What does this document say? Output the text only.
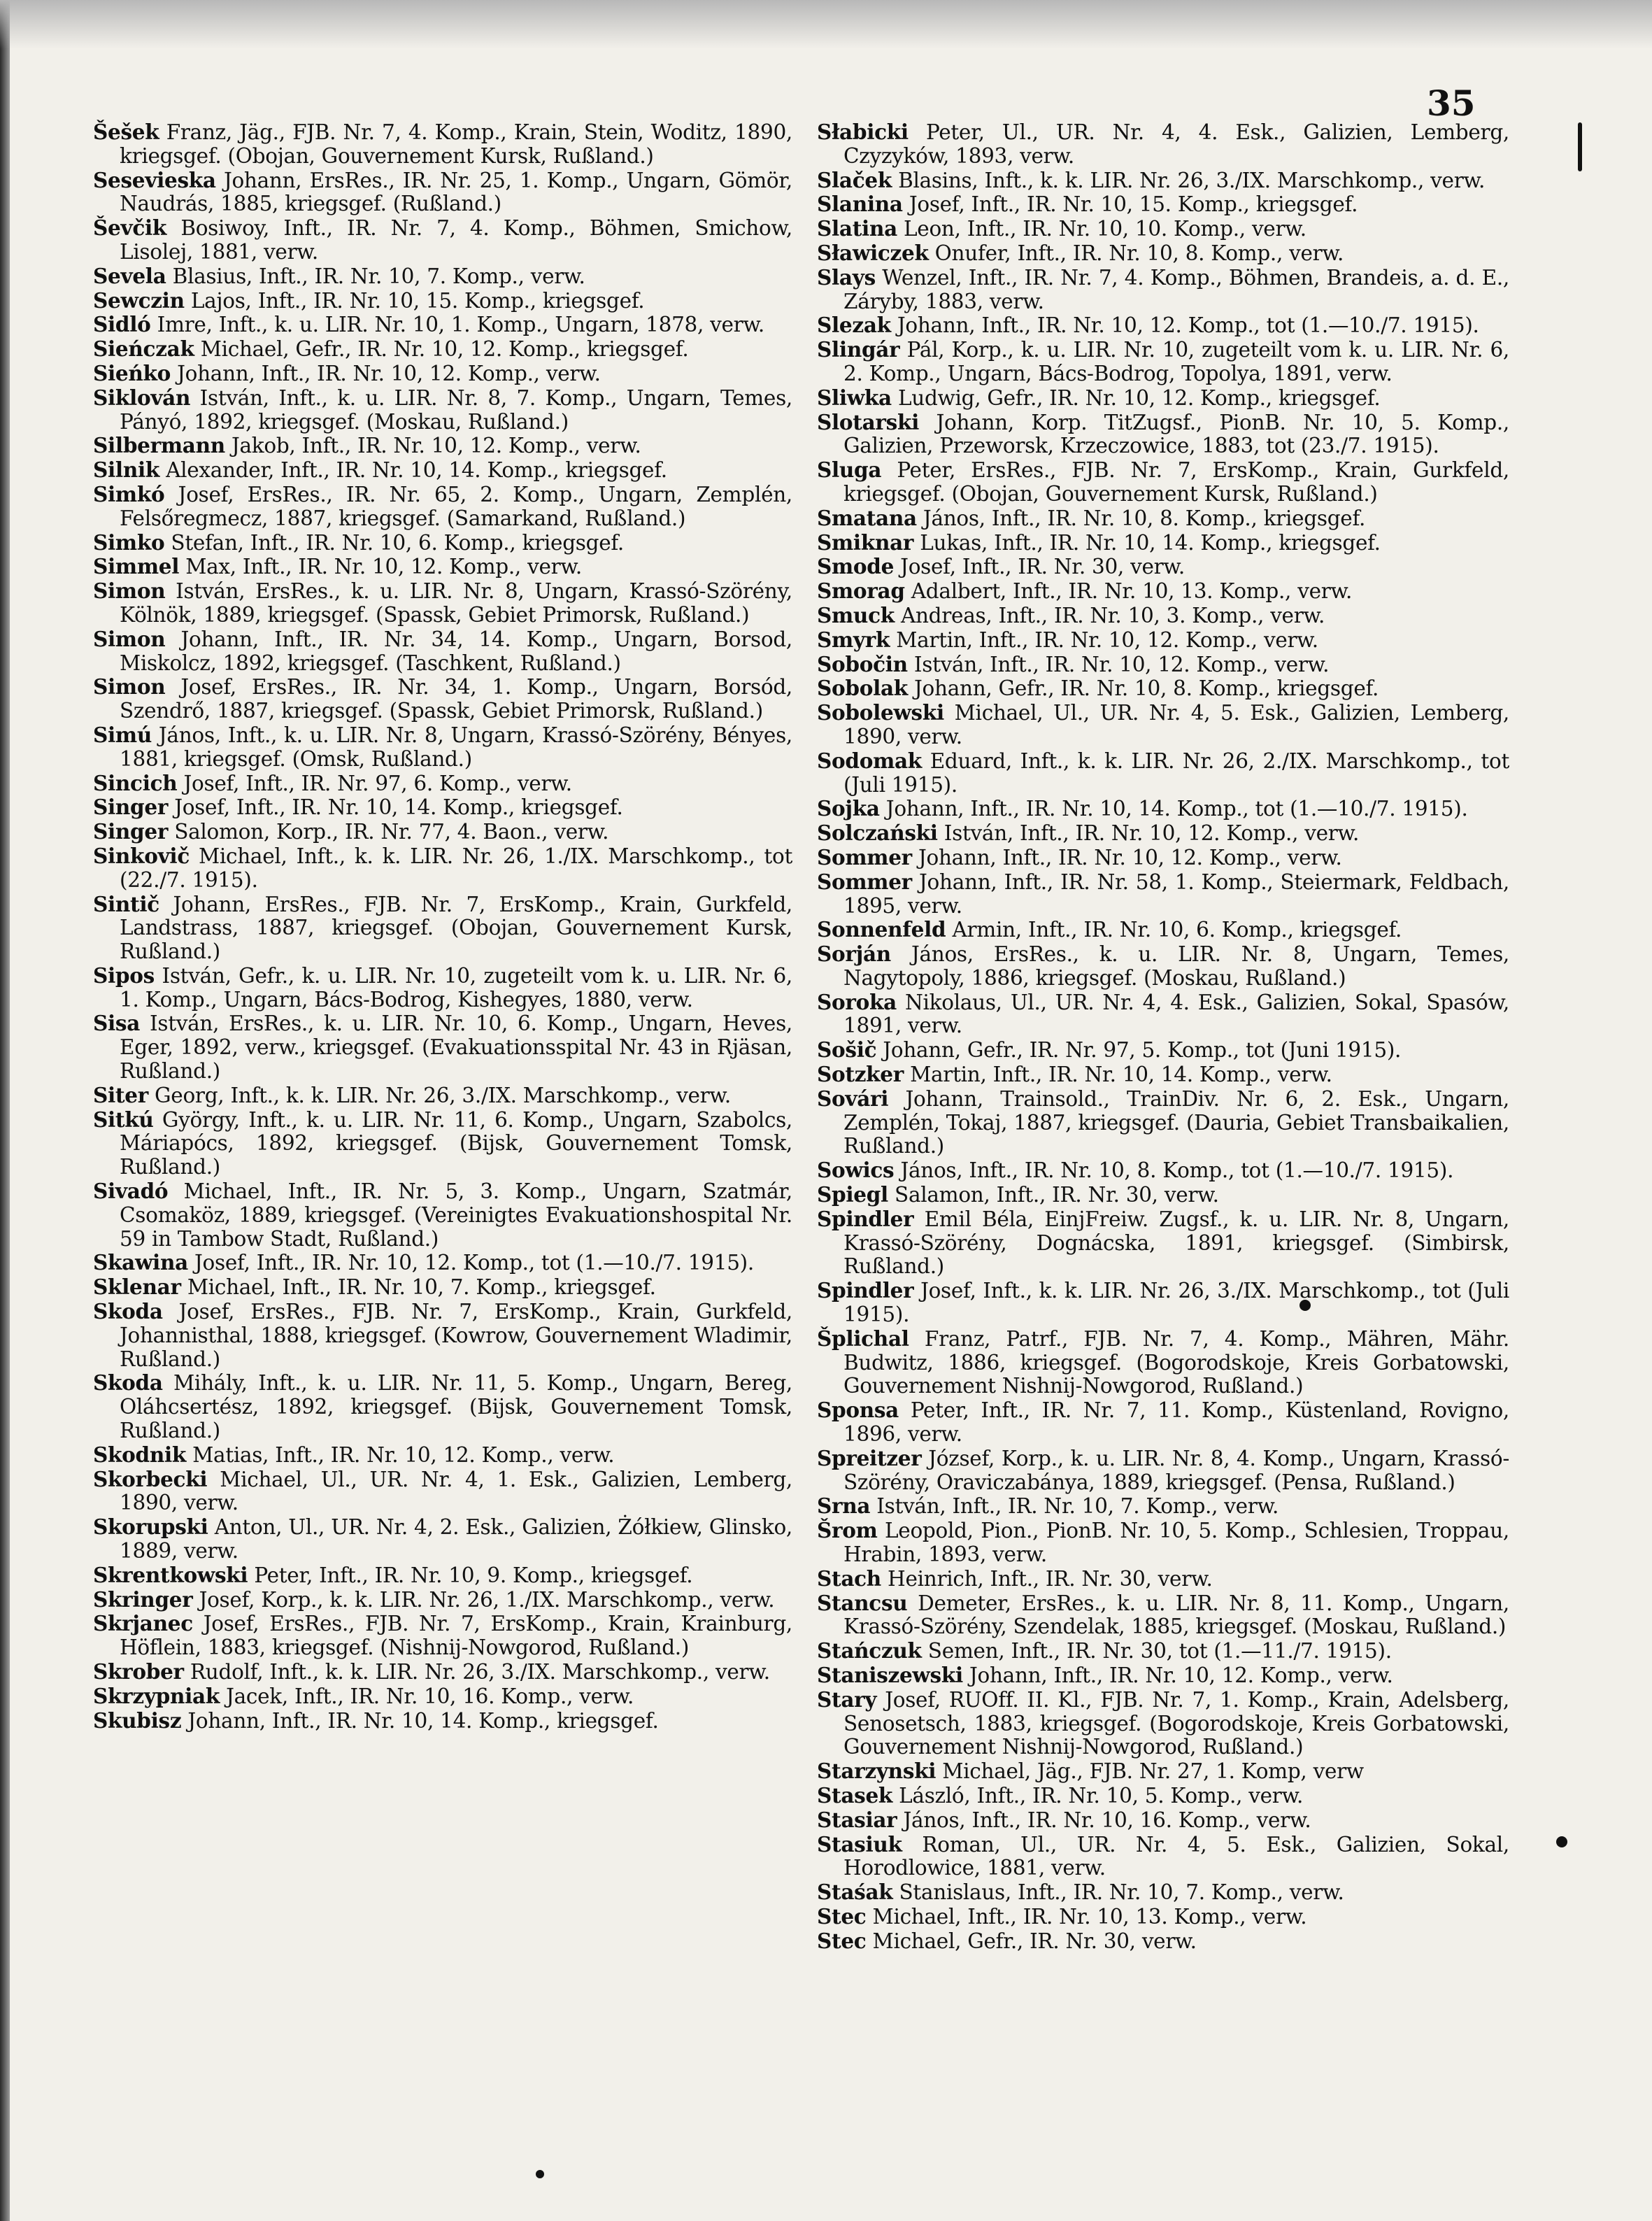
35

Šešek Franz, Jäg., FJB. Nr. 7, 4. Komp., Krain, Stein, Woditz, 1890, kriegsgef. (Obojan, Gouvernement Kursk, Rußland.)

Sesevieska Johann, ErsRes., IR. Nr. 25, 1. Komp., Ungarn, Gömör, Naudrás, 1885, kriegsgef. (Rußland.)

Ševčik Bosiwoy, Inft., IR. Nr. 7, 4. Komp., Böhmen, Smichow, Lisolej, 1881, verw.

Sevela Blasius, Inft., IR. Nr. 10, 7. Komp., verw.

Sewczin Lajos, Inft., IR. Nr. 10, 15. Komp., kriegsgef.

Sidló Imre, Inft., k. u. LIR. Nr. 10, 1. Komp., Ungarn, 1878, verw.

Sieńczak Michael, Gefr., IR. Nr. 10, 12. Komp., kriegsgef.

Sieńko Johann, Inft., IR. Nr. 10, 12. Komp., verw.

Siklován István, Inft., k. u. LIR. Nr. 8, 7. Komp., Ungarn, Temes, Pányó, 1892, kriegsgef. (Moskau, Rußland.)

Silbermann Jakob, Inft., IR. Nr. 10, 12. Komp., verw.

Silnik Alexander, Inft., IR. Nr. 10, 14. Komp., kriegsgef.

Simkó Josef, ErsRes., IR. Nr. 65, 2. Komp., Ungarn, Zemplén, Felsőregmecz, 1887, kriegsgef. (Samarkand, Rußland.)

Simko Stefan, Inft., IR. Nr. 10, 6. Komp., kriegsgef.

Simmel Max, Inft., IR. Nr. 10, 12. Komp., verw.

Simon István, ErsRes., k. u. LIR. Nr. 8, Ungarn, Krassó-Szörény, Kölnök, 1889, kriegsgef. (Spassk, Gebiet Primorsk, Rußland.)

Simon Johann, Inft., IR. Nr. 34, 14. Komp., Ungarn, Borsod, Miskolcz, 1892, kriegsgef. (Taschkent, Rußland.)

Simon Josef, ErsRes., IR. Nr. 34, 1. Komp., Ungarn, Borsód, Szendrő, 1887, kriegsgef. (Spassk, Gebiet Primorsk, Rußland.)

Simú János, Inft., k. u. LIR. Nr. 8, Ungarn, Krassó-Szörény, Bényes, 1881, kriegsgef. (Omsk, Rußland.)

Sincich Josef, Inft., IR. Nr. 97, 6. Komp., verw.

Singer Josef, Inft., IR. Nr. 10, 14. Komp., kriegsgef.

Singer Salomon, Korp., IR. Nr. 77, 4. Baon., verw.

Sinkovič Michael, Inft., k. k. LIR. Nr. 26, 1./IX. Marschkomp., tot (22./7. 1915).

Sintič Johann, ErsRes., FJB. Nr. 7, ErsKomp., Krain, Gurkfeld, Landstrass, 1887, kriegsgef. (Obojan, Gouvernement Kursk, Rußland.)

Sipos István, Gefr., k. u. LIR. Nr. 10, zugeteilt vom k. u. LIR. Nr. 6, 1. Komp., Ungarn, Bács-Bodrog, Kishegyes, 1880, verw.

Sisa István, ErsRes., k. u. LIR. Nr. 10, 6. Komp., Ungarn, Heves, Eger, 1892, verw., kriegsgef. (Evakuationsspital Nr. 43 in Rjäsan, Rußland.)

Siter Georg, Inft., k. k. LIR. Nr. 26, 3./IX. Marschkomp., verw.

Sitkú György, Inft., k. u. LIR. Nr. 11, 6. Komp., Ungarn, Szabolcs, Máriapócs, 1892, kriegsgef. (Bijsk, Gouvernement Tomsk, Rußland.)

Sivadó Michael, Inft., IR. Nr. 5, 3. Komp., Ungarn, Szatmár, Csomaköz, 1889, kriegsgef. (Vereinigtes Evakuationshospital Nr. 59 in Tambow Stadt, Rußland.)

Skawina Josef, Inft., IR. Nr. 10, 12. Komp., tot (1.—10./7. 1915).

Sklenar Michael, Inft., IR. Nr. 10, 7. Komp., kriegsgef.

Skoda Josef, ErsRes., FJB. Nr. 7, ErsKomp., Krain, Gurkfeld, Johannisthal, 1888, kriegsgef. (Kowrow, Gouvernement Wladimir, Rußland.)

Skoda Mihály, Inft., k. u. LIR. Nr. 11, 5. Komp., Ungarn, Bereg, Oláhcsertész, 1892, kriegsgef. (Bijsk, Gouvernement Tomsk, Rußland.)

Skodnik Matias, Inft., IR. Nr. 10, 12. Komp., verw.

Skorbecki Michael, Ul., UR. Nr. 4, 1. Esk., Galizien, Lemberg, 1890, verw.

Skorupski Anton, Ul., UR. Nr. 4, 2. Esk., Galizien, Żółkiew, Glinsko, 1889, verw.

Skrentkowski Peter, Inft., IR. Nr. 10, 9. Komp., kriegsgef.

Skringer Josef, Korp., k. k. LIR. Nr. 26, 1./IX. Marschkomp., verw.

Skrjanec Josef, ErsRes., FJB. Nr. 7, ErsKomp., Krain, Krainburg, Höflein, 1883, kriegsgef. (Nishnij-Nowgorod, Rußland.)

Skrober Rudolf, Inft., k. k. LIR. Nr. 26, 3./IX. Marschkomp., verw.

Skrzypniak Jacek, Inft., IR. Nr. 10, 16. Komp., verw.

Skubisz Johann, Inft., IR. Nr. 10, 14. Komp., kriegsgef.

Słabicki Peter, Ul., UR. Nr. 4, 4. Esk., Galizien, Lemberg, Czyzyków, 1893, verw.

Slaček Blasins, Inft., k. k. LIR. Nr. 26, 3./IX. Marschkomp., verw.

Slanina Josef, Inft., IR. Nr. 10, 15. Komp., kriegsgef.

Slatina Leon, Inft., IR. Nr. 10, 10. Komp., verw.

Sławiczek Onufer, Inft., IR. Nr. 10, 8. Komp., verw.

Slays Wenzel, Inft., IR. Nr. 7, 4. Komp., Böhmen, Brandeis, a. d. E., Záryby, 1883, verw.

Slezak Johann, Inft., IR. Nr. 10, 12. Komp., tot (1.—10./7. 1915).

Slingár Pál, Korp., k. u. LIR. Nr. 10, zugeteilt vom k. u. LIR. Nr. 6, 2. Komp., Ungarn, Bács-Bodrog, Topolya, 1891, verw.

Sliwka Ludwig, Gefr., IR. Nr. 10, 12. Komp., kriegsgef.

Slotarski Johann, Korp. TitZugsf., PionB. Nr. 10, 5. Komp., Galizien, Przeworsk, Krzeczowice, 1883, tot (23./7. 1915).

Sluga Peter, ErsRes., FJB. Nr. 7, ErsKomp., Krain, Gurkfeld, kriegsgef. (Obojan, Gouvernement Kursk, Rußland.)

Smatana János, Inft., IR. Nr. 10, 8. Komp., kriegsgef.

Smiknar Lukas, Inft., IR. Nr. 10, 14. Komp., kriegsgef.

Smode Josef, Inft., IR. Nr. 30, verw.

Smorag Adalbert, Inft., IR. Nr. 10, 13. Komp., verw.

Smuck Andreas, Inft., IR. Nr. 10, 3. Komp., verw.

Smyrk Martin, Inft., IR. Nr. 10, 12. Komp., verw.

Sobočin István, Inft., IR. Nr. 10, 12. Komp., verw.

Sobolak Johann, Gefr., IR. Nr. 10, 8. Komp., kriegsgef.

Sobolewski Michael, Ul., UR. Nr. 4, 5. Esk., Galizien, Lemberg, 1890, verw.

Sodomak Eduard, Inft., k. k. LIR. Nr. 26, 2./IX. Marschkomp., tot (Juli 1915).

Sojka Johann, Inft., IR. Nr. 10, 14. Komp., tot (1.—10./7. 1915).

Solczański István, Inft., IR. Nr. 10, 12. Komp., verw.

Sommer Johann, Inft., IR. Nr. 10, 12. Komp., verw.

Sommer Johann, Inft., IR. Nr. 58, 1. Komp., Steiermark, Feldbach, 1895, verw.

Sonnenfeld Armin, Inft., IR. Nr. 10, 6. Komp., kriegsgef.

Sorján János, ErsRes., k. u. LIR. Nr. 8, Ungarn, Temes, Nagytopoly, 1886, kriegsgef. (Moskau, Rußland.)

Soroka Nikolaus, Ul., UR. Nr. 4, 4. Esk., Galizien, Sokal, Spasów, 1891, verw.

Sošič Johann, Gefr., IR. Nr. 97, 5. Komp., tot (Juni 1915).

Sotzker Martin, Inft., IR. Nr. 10, 14. Komp., verw.

Sovári Johann, Trainsold., TrainDiv. Nr. 6, 2. Esk., Ungarn, Zemplén, Tokaj, 1887, kriegsgef. (Dauria, Gebiet Transbaikalien, Rußland.)

Sowics János, Inft., IR. Nr. 10, 8. Komp., tot (1.—10./7. 1915).

Spiegl Salamon, Inft., IR. Nr. 30, verw.

Spindler Emil Béla, EinjFreiw. Zugsf., k. u. LIR. Nr. 8, Ungarn, Krassó-Szörény, Dognácska, 1891, kriegsgef. (Simbirsk, Rußland.)

Spindler Josef, Inft., k. k. LIR. Nr. 26, 3./IX. Marschkomp., tot (Juli 1915).

Šplichal Franz, Patrf., FJB. Nr. 7, 4. Komp., Mähren, Mähr. Budwitz, 1886, kriegsgef. (Bogorodskoje, Kreis Gorbatowski, Gouvernement Nishnij-Nowgorod, Rußland.)

Sponsa Peter, Inft., IR. Nr. 7, 11. Komp., Küstenland, Rovigno, 1896, verw.

Spreitzer József, Korp., k. u. LIR. Nr. 8, 4. Komp., Ungarn, Krassó-Szörény, Oraviczabánya, 1889, kriegsgef. (Pensa, Rußland.)

Srna István, Inft., IR. Nr. 10, 7. Komp., verw.

Šrom Leopold, Pion., PionB. Nr. 10, 5. Komp., Schlesien, Troppau, Hrabin, 1893, verw.

Stach Heinrich, Inft., IR. Nr. 30, verw.

Stancsu Demeter, ErsRes., k. u. LIR. Nr. 8, 11. Komp., Ungarn, Krassó-Szörény, Szendelak, 1885, kriegsgef. (Moskau, Rußland.)

Stańczuk Semen, Inft., IR. Nr. 30, tot (1.—11./7. 1915).

Staniszewski Johann, Inft., IR. Nr. 10, 12. Komp., verw.

Stary Josef, RUOff. II. Kl., FJB. Nr. 7, 1. Komp., Krain, Adelsberg, Senosetsch, 1883, kriegsgef. (Bogorodskoje, Kreis Gorbatowski, Gouvernement Nishnij-Nowgorod, Rußland.)

Starzynski Michael, Jäg., FJB. Nr. 27, 1. Komp, verw

Stasek László, Inft., IR. Nr. 10, 5. Komp., verw.

Stasiar János, Inft., IR. Nr. 10, 16. Komp., verw.

Stasiuk Roman, Ul., UR. Nr. 4, 5. Esk., Galizien, Sokal, Horodlowice, 1881, verw.

Staśak Stanislaus, Inft., IR. Nr. 10, 7. Komp., verw.

Stec Michael, Inft., IR. Nr. 10, 13. Komp., verw.

Stec Michael, Gefr., IR. Nr. 30, verw.
